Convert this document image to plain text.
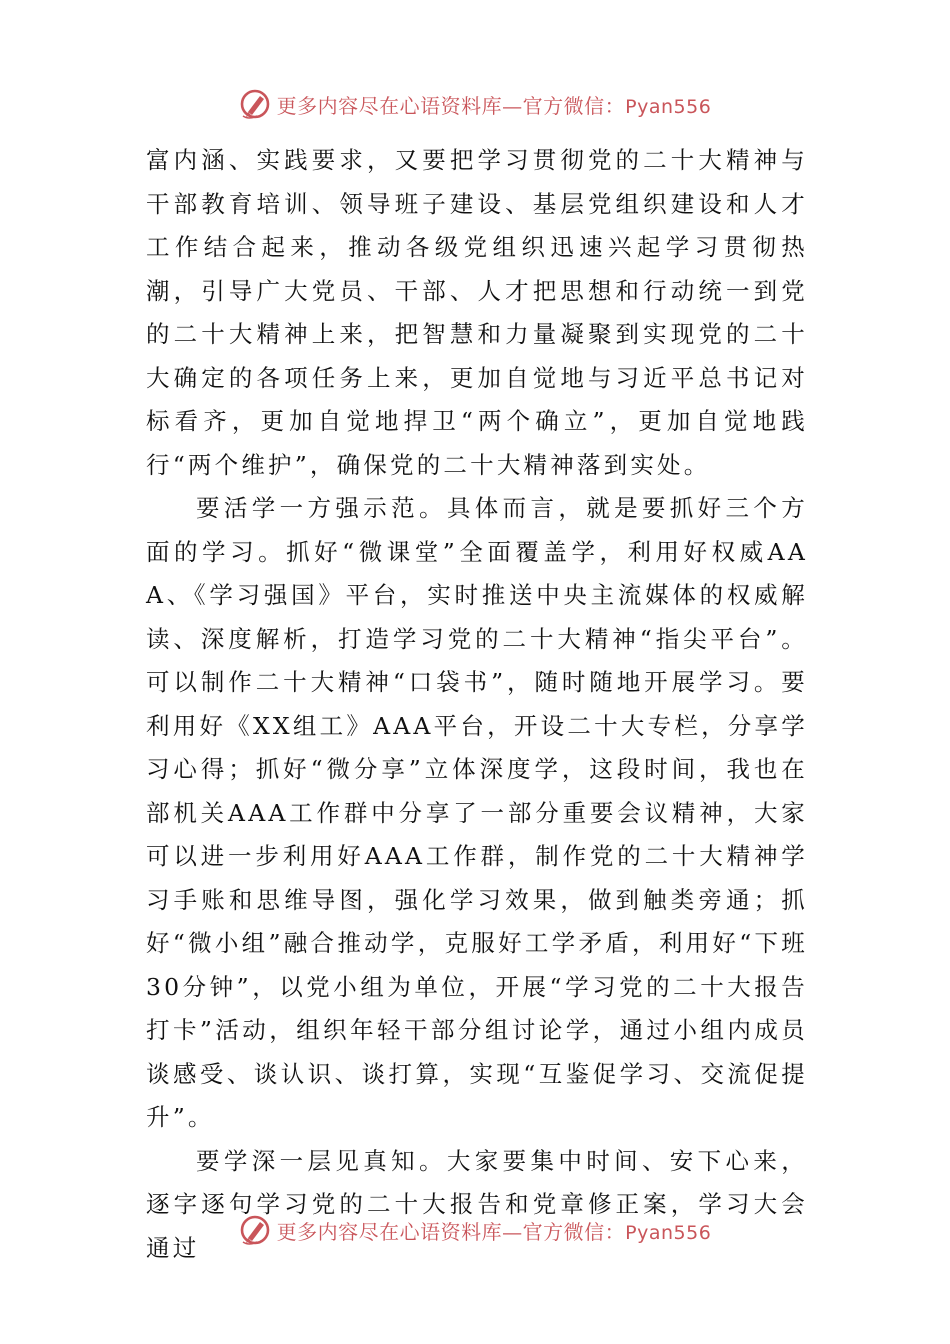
更多内容尽在心语资料库—官方微信：Pyan556

富内涵、实践要求，又要把学习贯彻党的二十大精神与干部教育培训、领导班子建设、基层党组织建设和人才工作结合起来，推动各级党组织迅速兴起学习贯彻热潮，引导广大党员、干部、人才把思想和行动统一到党的二十大精神上来，把智慧和力量凝聚到实现党的二十大确定的各项任务上来，更加自觉地与习近平总书记对标看齐，更加自觉地捍卫“两个确立”，更加自觉地践行“两个维护”，确保党的二十大精神落到实处。

要活学一方强示范。具体而言，就是要抓好三个方面的学习。抓好“微课堂”全面覆盖学，利用好权威AAA、《学习强国》平台，实时推送中央主流媒体的权威解读、深度解析，打造学习党的二十大精神“指尖平台”。可以制作二十大精神“口袋书”，随时随地开展学习。要利用好《XX组工》AAA平台，开设二十大专栏，分享学习心得；抓好“微分享”立体深度学，这段时间，我也在部机关AAA工作群中分享了一部分重要会议精神，大家可以进一步利用好AAA工作群，制作党的二十大精神学习手账和思维导图，强化学习效果，做到触类旁通；抓好“微小组”融合推动学，克服好工学矛盾，利用好“下班30分钟”，以党小组为单位，开展“学习党的二十大报告打卡”活动，组织年轻干部分组讨论学，通过小组内成员谈感受、谈认识、谈打算，实现“互鉴促学习、交流促提升”。

要学深一层见真知。大家要集中时间、安下心来，逐字逐句学习党的二十大报告和党章修正案，学习大会通过

更多内容尽在心语资料库—官方微信：Pyan556
